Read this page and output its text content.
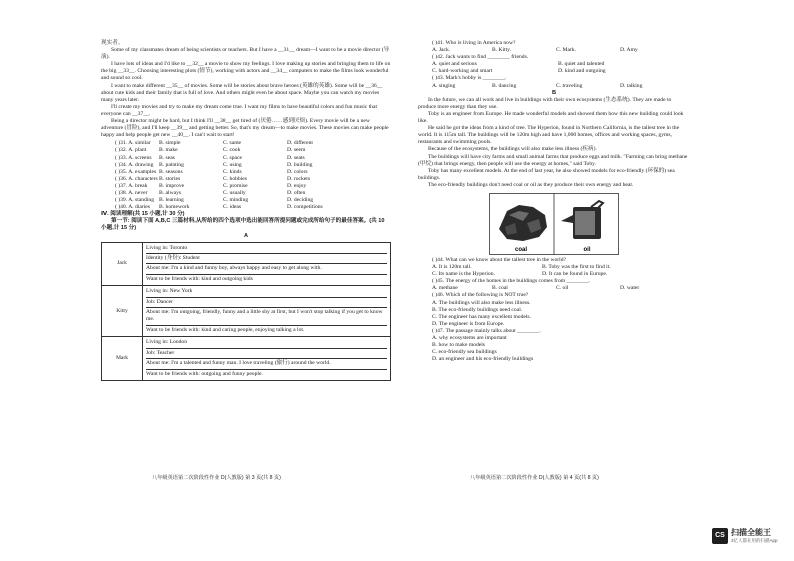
现实者。

Some of my classmates dream of being scientists or teachers. But I have a __31__ dream—I want to be a movie director (导演).

I have lots of ideas and I'd like to __32__ a movie to show my feelings. I love making up stories and bringing them to life on the big __33__. Choosing interesting plots (情节), working with actors and __34__ computers to make the films look wonderful and sound so cool.

I want to make different __35__ of movies. Some will be stories about brave heroes (英雄的英雄). Some will be __36__ about cute kids and their family that is full of love. And others might even be about space. Maybe you can watch my movies many years later.

I'll create my movies and try to make my dream come true. I want my films to have beautiful colors and fun music that everyone can __37__.

Being a director might be hard, but I think I'll __38__ get tired of (厌倦……感到厌烦). Every movie will be a new adventure (冒险), and I'll keep __39__ and getting better. So, that's my dream—to make movies. These movies can make people happy and help people get new __40__. I can't wait to start!

( )31. A. similar	B. simple	C. same	D. different
( )32. A. plant	B. make	C. cook	D. seem
( )33. A. screens	B. seas	C. space	D. seats
( )34. A. drawing	B. painting	C. using	D. building
( )35. A. examples B. seasons	C. kinds	D. colors
( )36. A. characters B. stories	C. hobbies	D. rockets
( )37. A. break	B. improve	C. promise	D. enjoy
( )38. A. never	B. always	C. usually	D. often
( )39. A. standing B. learning	C. minding	D. deciding
( )40. A. diaries	B. homework	C. ideas	D. competitions

Ⅳ. 阅读理解(共 15 小题,计 30 分)

第一节: 阅读下面 A,B,C 三篇材料,从所给的四个选项中选出能回答所提问题或完成所给句子的最佳答案。(共 10 小题,计 15 分)

A

Jack	Living in: Toronto
Identity (身份): Student
About me: I'm a kind and funny boy, always happy and easy to get along with.
Want to be friends with: kind and outgoing kids

Kitty	Living in: New York
Job: Dancer
About me: I'm outgoing, friendly, funny and a little shy at first, but I won't stop talking if you get to know me.
Want to be friends with: kind and caring people, enjoying talking a lot.

Mark	Living in: London
Job: Teacher
About me: I'm a talented and funny man. I love traveling (旅行) around the world.
Want to be friends with: outgoing and funny people.
八年级英语第二次阶段性作业 D(人教版) 第 3 页(共 8 页)
( )41. Who is living in America now?
A. Jack.	B. Kitty.	C. Mark.	D. Amy
( )42. Jack wants to find ________ friends.
A. quiet and serious	B. quiet and talented
C. hard-working and smart	D. kind and outgoing
( )43. Mark's hobby is ________.
A. singing	B. dancing	C. traveling	D. talking

B

In the future, we can all work and live in buildings with their own ecosystems (生态系统). They are made to produce more energy than they use.

Toby is an engineer from Europe. He made wonderful models and showed them how this new building could look like.

He said he got the ideas from a kind of tree. The Hyperion, found in Northern California, is the tallest tree in the world. It is 115m tall. The buildings will be 120m high and have 1,000 homes, offices and working spaces, gyms, restaurants and swimming pools.

Because of the ecosystems, the buildings will also make less illness (疾病).

The buildings will have city farms and small animal farms that produce eggs and milk. "Farming can bring methane (甲烷) that brings energy, then people will use the energy at homes," said Toby.

Toby has many excellent models. At the end of last year, he also showed models for eco-friendly (环保的) sea buildings.

The eco-friendly buildings don't need coal or oil as they produce their own energy and heat.

coal	oil
( )44. What can we know about the tallest tree in the world?
A. It is 120m tall.	B. Toby was the first to find it.
C. Its name is the Hyperion.	D. It can be found in Europe.
( )45. The energy of the homes in the buildings comes from ________.
A. methane	B. coal	C. oil	D. water
( )46. Which of the following is NOT true?
A. The buildings will also make less illness.
B. The eco-friendly buildings need coal.
C. The engineer has many excellent models.
D. The engineer is from Europe.
( )47. The passage mainly talks about ________.
A. why ecosystems are important
B. how to make models
C. eco-friendly sea buildings
D. an engineer and his eco-friendly buildings
八年级英语第二次阶段性作业 D(人教版) 第 4 页(共 8 页)
CS 扫描全能王
3亿人都在用的扫描App
